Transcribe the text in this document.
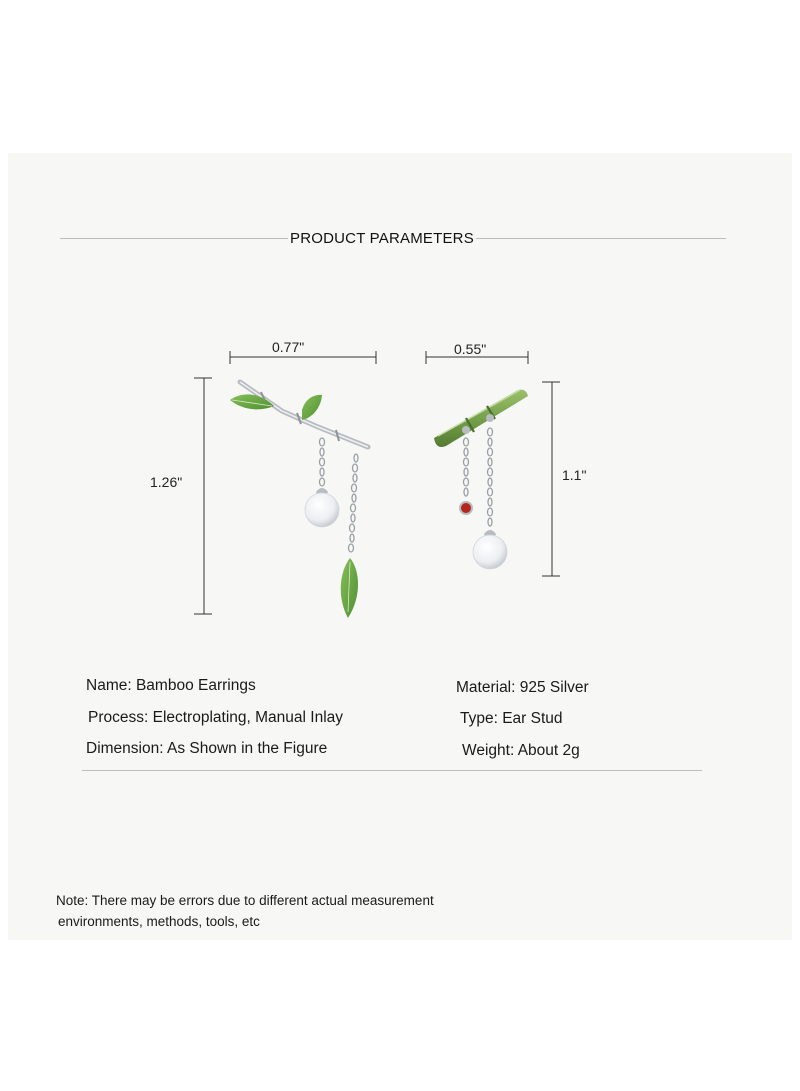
PRODUCT PARAMETERS
0.77"
1.26"
0.55"
1.1"
Name: Bamboo Earrings
Process: Electroplating, Manual Inlay
Dimension: As Shown in the Figure
Material: 925 Silver
Type: Ear Stud
Weight: About 2g
Note: There may be errors due to different actual measurement
environments, methods, tools, etc
